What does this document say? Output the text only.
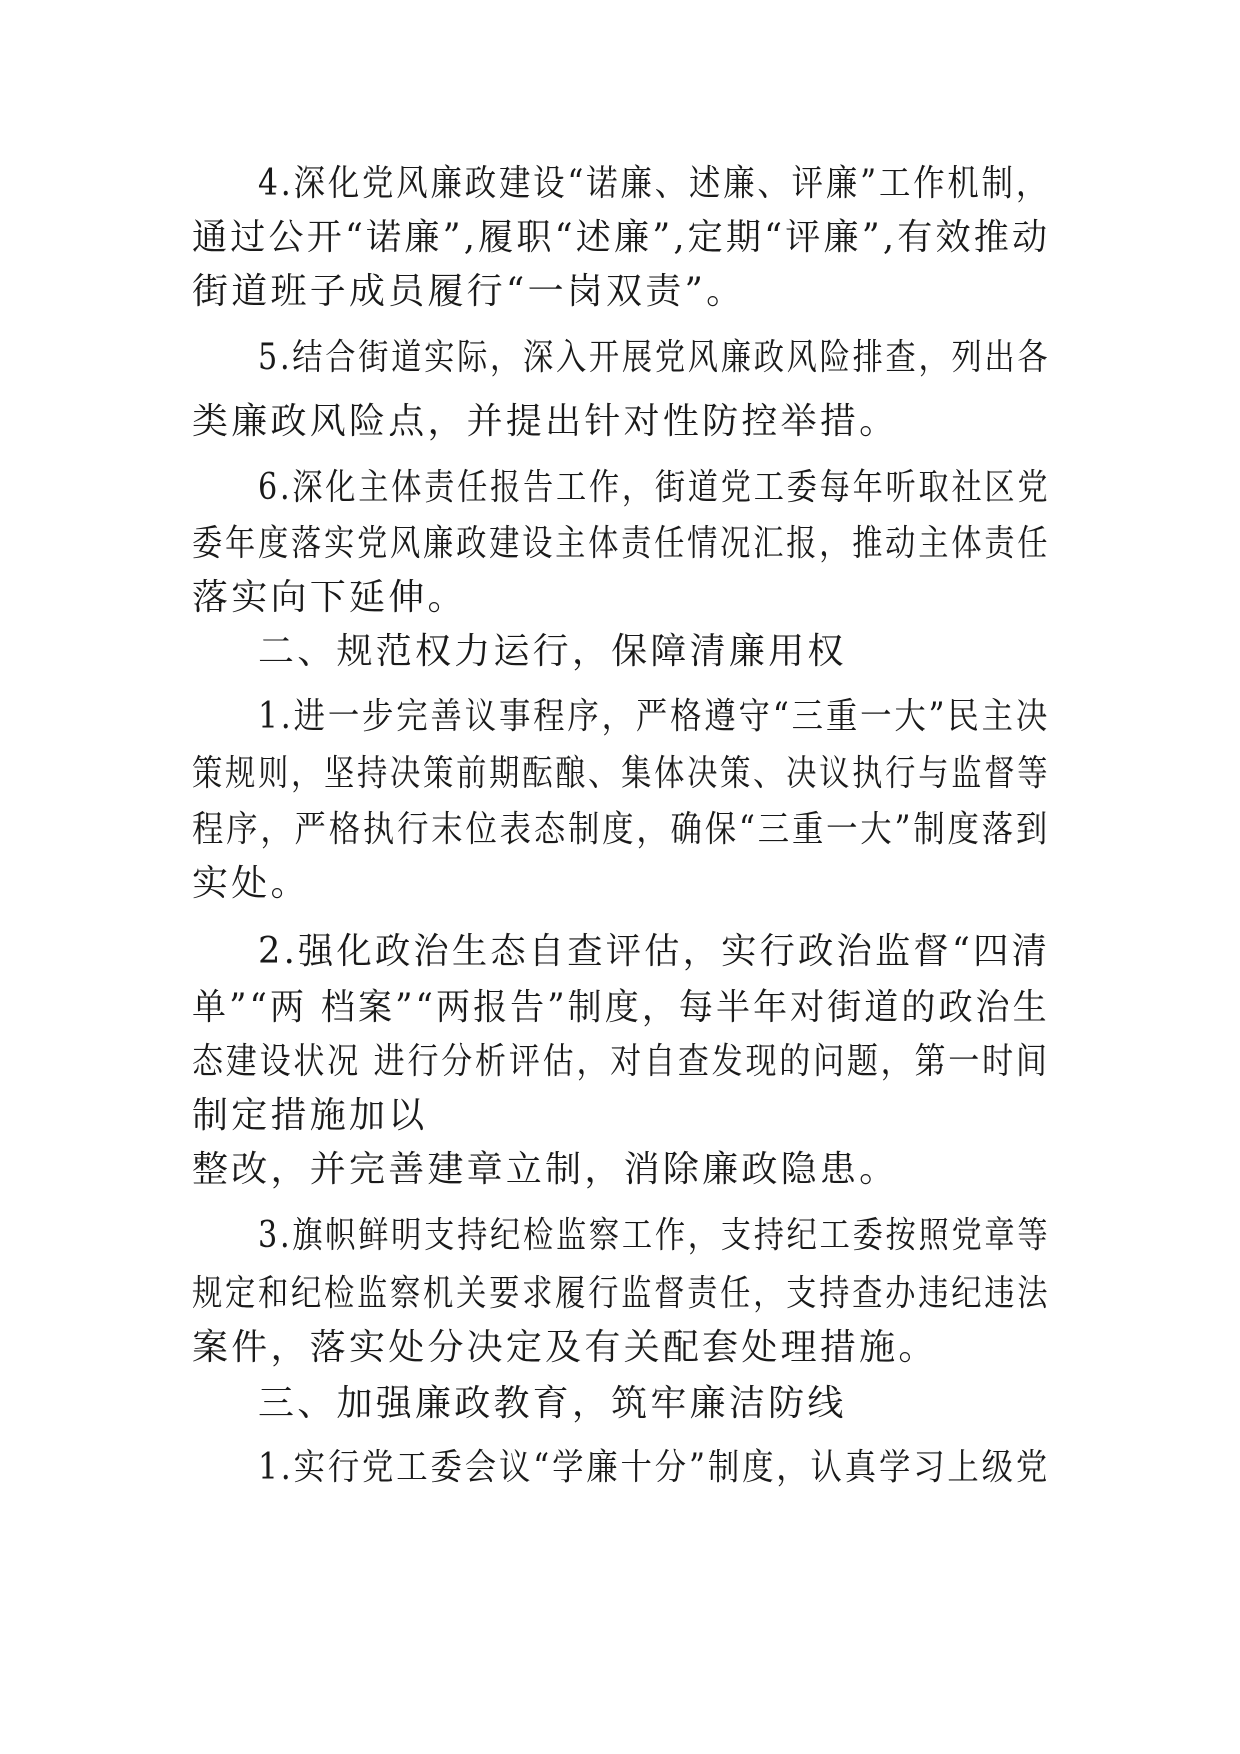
4.深化党风廉政建设“诺廉、述廉、评廉”工作机制，
通过公开“诺廉”,履职“述廉”,定期“评廉”,有效推动
街道班子成员履行“一岗双责”。
5.结合街道实际，深入开展党风廉政风险排查，列出各
类廉政风险点，并提出针对性防控举措。
6.深化主体责任报告工作，街道党工委每年听取社区党
委年度落实党风廉政建设主体责任情况汇报，推动主体责任
落实向下延伸。
二、规范权力运行，保障清廉用权
1.进一步完善议事程序，严格遵守“三重一大”民主决
策规则，坚持决策前期酝酿、集体决策、决议执行与监督等
程序，严格执行末位表态制度，确保“三重一大”制度落到
实处。
2.强化政治生态自查评估，实行政治监督“四清
单”“两 档案”“两报告”制度，每半年对街道的政治生
态建设状况 进行分析评估，对自查发现的问题，第一时间
制定措施加以
整改，并完善建章立制，消除廉政隐患。
3.旗帜鲜明支持纪检监察工作，支持纪工委按照党章等
规定和纪检监察机关要求履行监督责任，支持查办违纪违法
案件，落实处分决定及有关配套处理措施。
三、加强廉政教育，筑牢廉洁防线
1.实行党工委会议“学廉十分”制度，认真学习上级党
